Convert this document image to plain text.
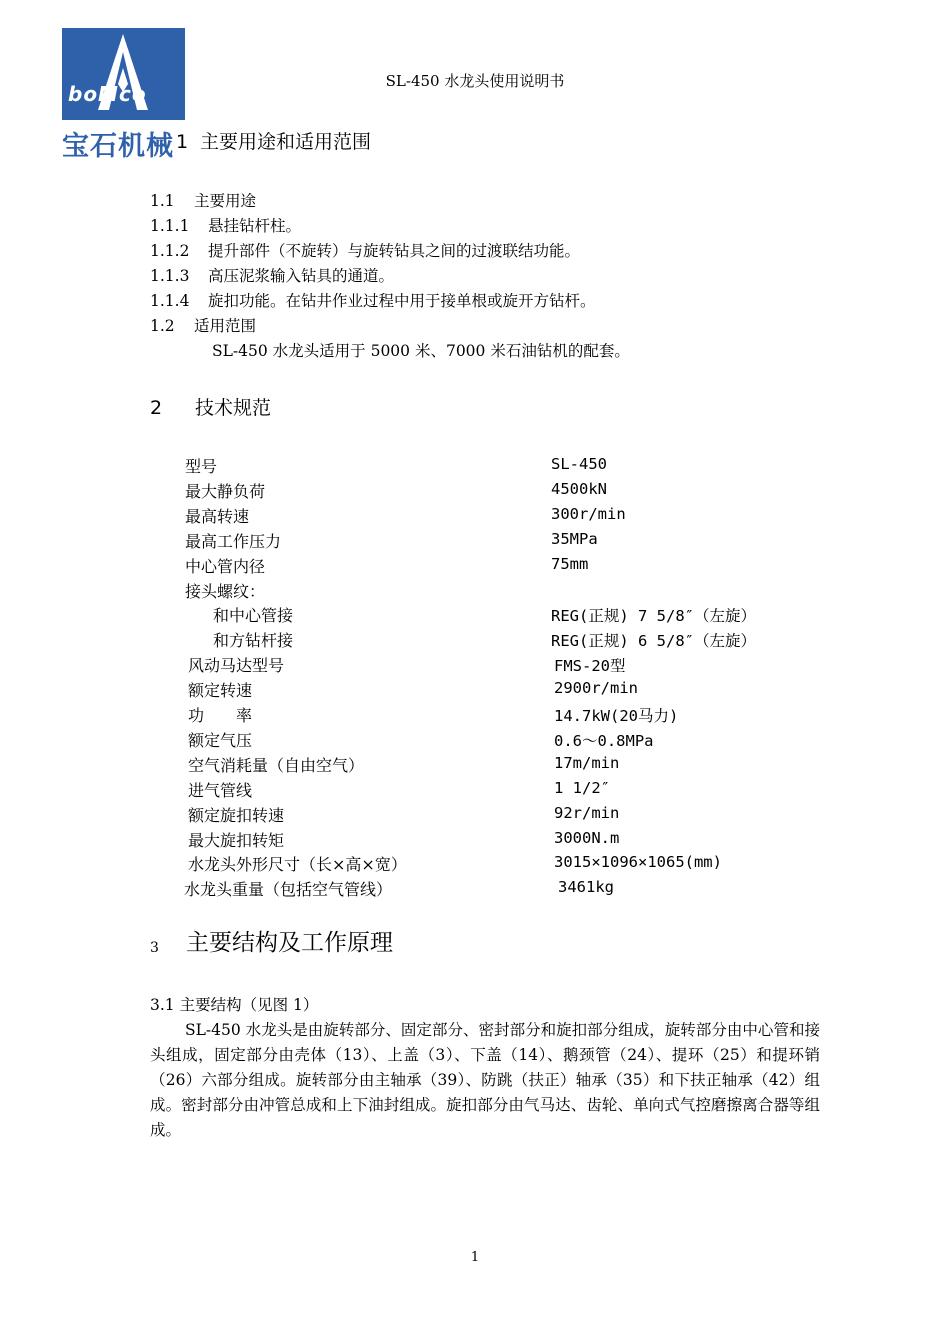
boMco
宝石机械
SL-450 水龙头使用说明书
1 主要用途和适用范围
1.1 主要用途
1.1.1 悬挂钻杆柱。
1.1.2 提升部件（不旋转）与旋转钻具之间的过渡联结功能。
1.1.3 高压泥浆输入钻具的通道。
1.1.4 旋扣功能。在钻井作业过程中用于接单根或旋开方钻杆。
1.2 适用范围
SL-450 水龙头适用于 5000 米、7000 米石油钻机的配套。
2 技术规范
型号	SL-450
最大静负荷	4500kN
最高转速	300r/min
最高工作压力	35MPa
中心管内径	75mm
接头螺纹：
和中心管接	REG(正规) 7 5/8″（左旋）
和方钻杆接	REG(正规) 6 5/8″（左旋）
风动马达型号	FMS-20型
额定转速	2900r/min
功　　率	14.7kW(20马力)
额定气压	0.6～0.8MPa
空气消耗量（自由空气）	17m/min
进气管线	1 1/2″
额定旋扣转速	92r/min
最大旋扣转矩	3000N.m
水龙头外形尺寸（长×高×宽）	3015×1096×1065(mm)
水龙头重量（包括空气管线）	3461kg
3 主要结构及工作原理
3.1 主要结构（见图 1）
SL-450 水龙头是由旋转部分、固定部分、密封部分和旋扣部分组成，旋转部分由中心管和接头组成，固定部分由壳体（13）、上盖（3）、下盖（14）、鹅颈管（24）、提环（25）和提环销（26）六部分组成。旋转部分由主轴承（39）、防跳（扶正）轴承（35）和下扶正轴承（42）组成。密封部分由冲管总成和上下油封组成。旋扣部分由气马达、齿轮、单向式气控磨擦离合器等组成。
1
